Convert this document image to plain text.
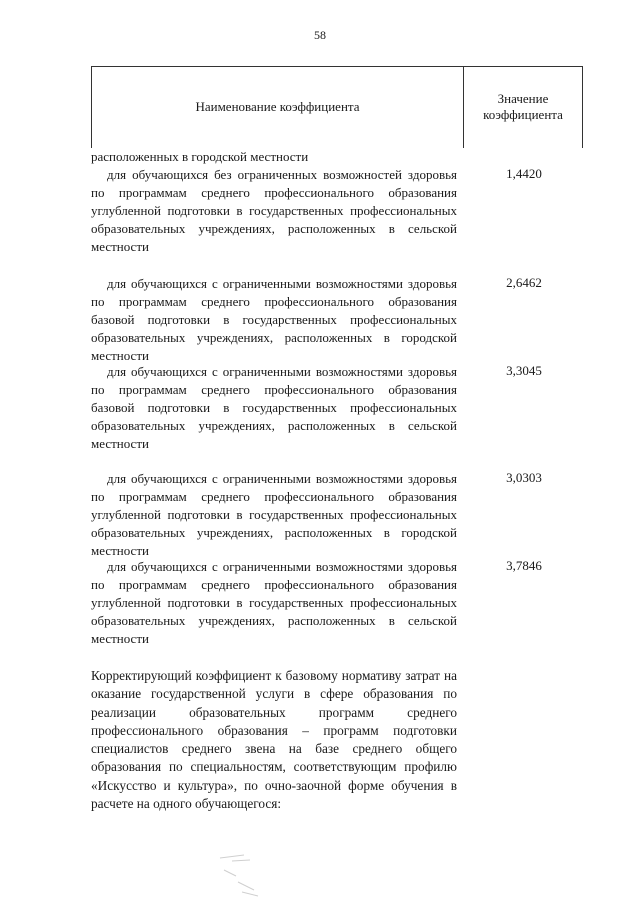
58
Наименование коэффициента
Значение
коэффициента
расположенных в городской местности
для обучающихся без ограниченных возможностей здоровья по программам среднего профессионального образования углубленной подготовки в государственных профессиональных образовательных учреждениях, расположенных в сельской местности
1,4420
для обучающихся с ограниченными возможностями здоровья по программам среднего профессионального образования базовой подготовки в государственных профессиональных образовательных учреждениях, расположенных в городской местности
2,6462
для обучающихся с ограниченными возможностями здоровья по программам среднего профессионального образования базовой подготовки в государственных профессиональных образовательных учреждениях, расположенных в сельской местности
3,3045
для обучающихся с ограниченными возможностями здоровья по программам среднего профессионального образования углубленной подготовки в государственных профессиональных образовательных учреждениях, расположенных в городской местности
3,0303
для обучающихся с ограниченными возможностями здоровья по программам среднего профессионального образования углубленной подготовки в государственных профессиональных образовательных учреждениях, расположенных в сельской местности
3,7846
Корректирующий коэффициент к базовому нормативу затрат на оказание государственной услуги в сфере образования по реализации образовательных программ среднего профессионального образования – программ подготовки специалистов среднего звена на базе среднего общего образования по специальностям, соответствующим профилю «Искусство и культура», по очно-заочной форме обучения в расчете на одного обучающегося:
